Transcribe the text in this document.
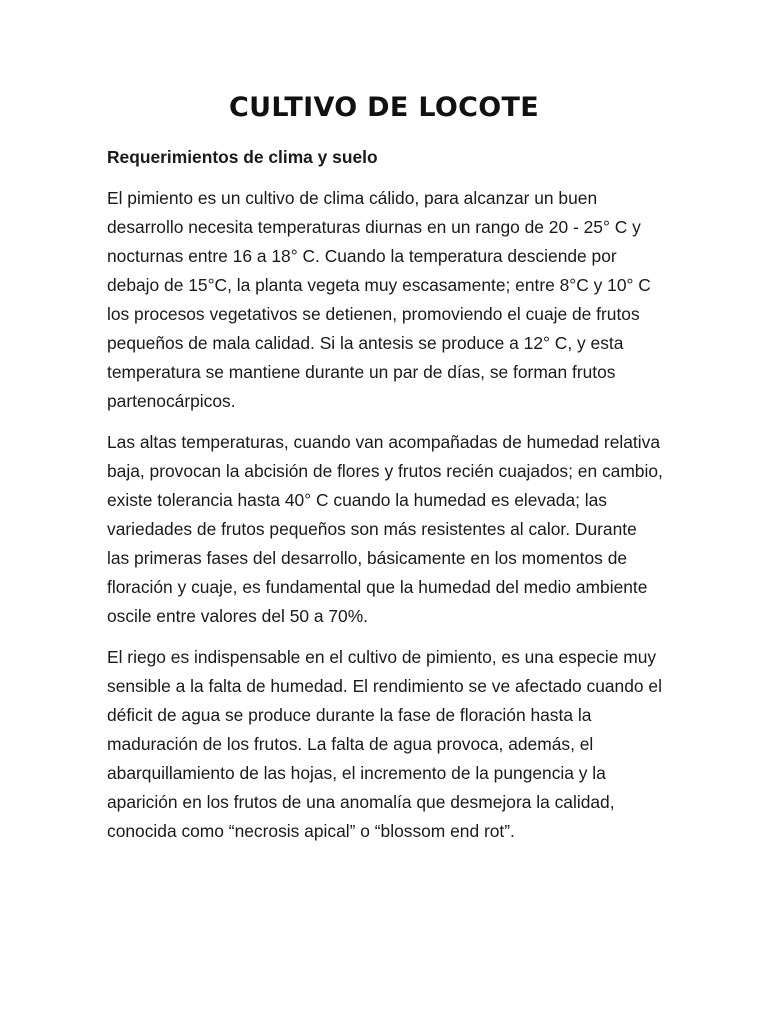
CULTIVO DE LOCOTE

Requerimientos de clima y suelo

El pimiento es un cultivo de clima cálido, para alcanzar un buen desarrollo necesita temperaturas diurnas en un rango de 20 - 25° C y nocturnas entre 16 a 18° C. Cuando la temperatura desciende por debajo de 15°C, la planta vegeta muy escasamente; entre 8°C y 10° C los procesos vegetativos se detienen, promoviendo el cuaje de frutos pequeños de mala calidad. Si la antesis se produce a 12° C, y esta temperatura se mantiene durante un par de días, se forman frutos partenocárpicos.

Las altas temperaturas, cuando van acompañadas de humedad relativa baja, provocan la abcisión de flores y frutos recién cuajados; en cambio, existe tolerancia hasta 40° C cuando la humedad es elevada; las variedades de frutos pequeños son más resistentes al calor. Durante las primeras fases del desarrollo, básicamente en los momentos de floración y cuaje, es fundamental que la humedad del medio ambiente oscile entre valores del 50 a 70%.

El riego es indispensable en el cultivo de pimiento, es una especie muy sensible a la falta de humedad. El rendimiento se ve afectado cuando el déficit de agua se produce durante la fase de floración hasta la maduración de los frutos. La falta de agua provoca, además, el abarquillamiento de las hojas, el incremento de la pungencia y la aparición en los frutos de una anomalía que desmejora la calidad, conocida como “necrosis apical” o “blossom end rot”.
